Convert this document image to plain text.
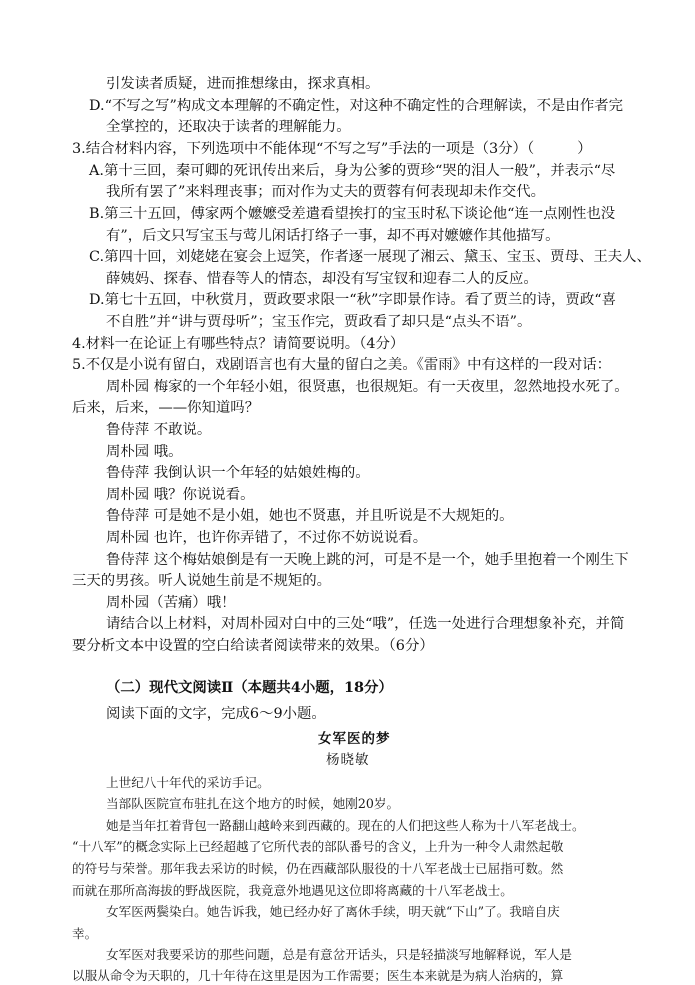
引发读者质疑，进而推想缘由，探求真相。
D.“不写之写”构成文本理解的不确定性，对这种不确定性的合理解读，不是由作者完
全掌控的，还取决于读者的理解能力。
3.结合材料内容，下列选项中不能体现“不写之写”手法的一项是（3分）（　　　）
A.第十三回，秦可卿的死讯传出来后，身为公爹的贾珍“哭的泪人一般”，并表示“尽
我所有罢了”来料理丧事；而对作为丈夫的贾蓉有何表现却未作交代。
B.第三十五回，傅家两个嬷嬷受差遣看望挨打的宝玉时私下谈论他“连一点刚性也没
有”，后文只写宝玉与莺儿闲话打络子一事，却不再对嬷嬷作其他描写。
C.第四十回，刘姥姥在宴会上逗笑，作者逐一展现了湘云、黛玉、宝玉、贾母、王夫人、
薛姨妈、探春、惜春等人的情态，却没有写宝钗和迎春二人的反应。
D.第七十五回，中秋赏月，贾政要求限一“秋”字即景作诗。看了贾兰的诗，贾政“喜
不自胜”并“讲与贾母听”；宝玉作完，贾政看了却只是“点头不语”。
4.材料一在论证上有哪些特点？请简要说明。（4分）
5.不仅是小说有留白，戏剧语言也有大量的留白之美。《雷雨》中有这样的一段对话：
周朴园 梅家的一个年轻小姐，很贤惠，也很规矩。有一天夜里，忽然地投水死了。
后来，后来，——你知道吗？
鲁侍萍 不敢说。
周朴园 哦。
鲁侍萍 我倒认识一个年轻的姑娘姓梅的。
周朴园 哦？你说说看。
鲁侍萍 可是她不是小姐，她也不贤惠，并且听说是不大规矩的。
周朴园 也许，也许你弄错了，不过你不妨说说看。
鲁侍萍 这个梅姑娘倒是有一天晚上跳的河，可是不是一个，她手里抱着一个刚生下
三天的男孩。听人说她生前是不规矩的。
周朴园（苦痛）哦！
请结合以上材料，对周朴园对白中的三处“哦”，任选一处进行合理想象补充，并简
要分析文本中设置的空白给读者阅读带来的效果。（6分）
（二）现代文阅读Ⅱ（本题共4小题，18分）
阅读下面的文字，完成6～9小题。
女军医的梦
杨晓敏
上世纪八十年代的采访手记。
当部队医院宣布驻扎在这个地方的时候，她刚20岁。
她是当年扛着背包一路翻山越岭来到西藏的。现在的人们把这些人称为十八军老战士。
“十八军”的概念实际上已经超越了它所代表的部队番号的含义，上升为一种令人肃然起敬
的符号与荣誉。那年我去采访的时候，仍在西藏部队服役的十八军老战士已屈指可数。然
而就在那所高海拔的野战医院，我竟意外地遇见这位即将离藏的十八军老战士。
女军医两鬓染白。她告诉我，她已经办好了离休手续，明天就“下山”了。我暗自庆
幸。
女军医对我要采访的那些问题，总是有意岔开话头，只是轻描淡写地解释说，军人是
以服从命令为天职的，几十年待在这里是因为工作需要；医生本来就是为病人治病的，算
